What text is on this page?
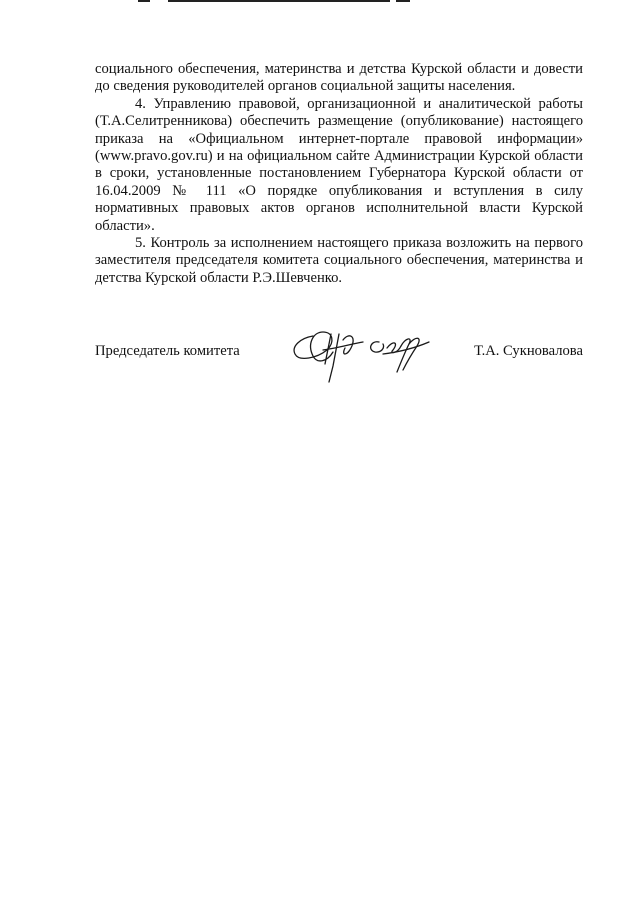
социального обеспечения, материнства и детства Курской области и довести до сведения руководителей органов социальной защиты населения.

4. Управлению правовой, организационной и аналитической работы (Т.А.Селитренникова) обеспечить размещение (опубликование) настоящего приказа на «Официальном интернет-портале правовой информации» (www.pravo.gov.ru) и на официальном сайте Администрации Курской области в сроки, установленные постановлением Губернатора Курской области от 16.04.2009 № 111 «О порядке опубликования и вступления в силу нормативных правовых актов органов исполнительной власти Курской области».

5. Контроль за исполнением настоящего приказа возложить на первого заместителя председателя комитета социального обеспечения, материнства и детства Курской области Р.Э.Шевченко.

Председатель комитета	Т.А. Сукновалова
